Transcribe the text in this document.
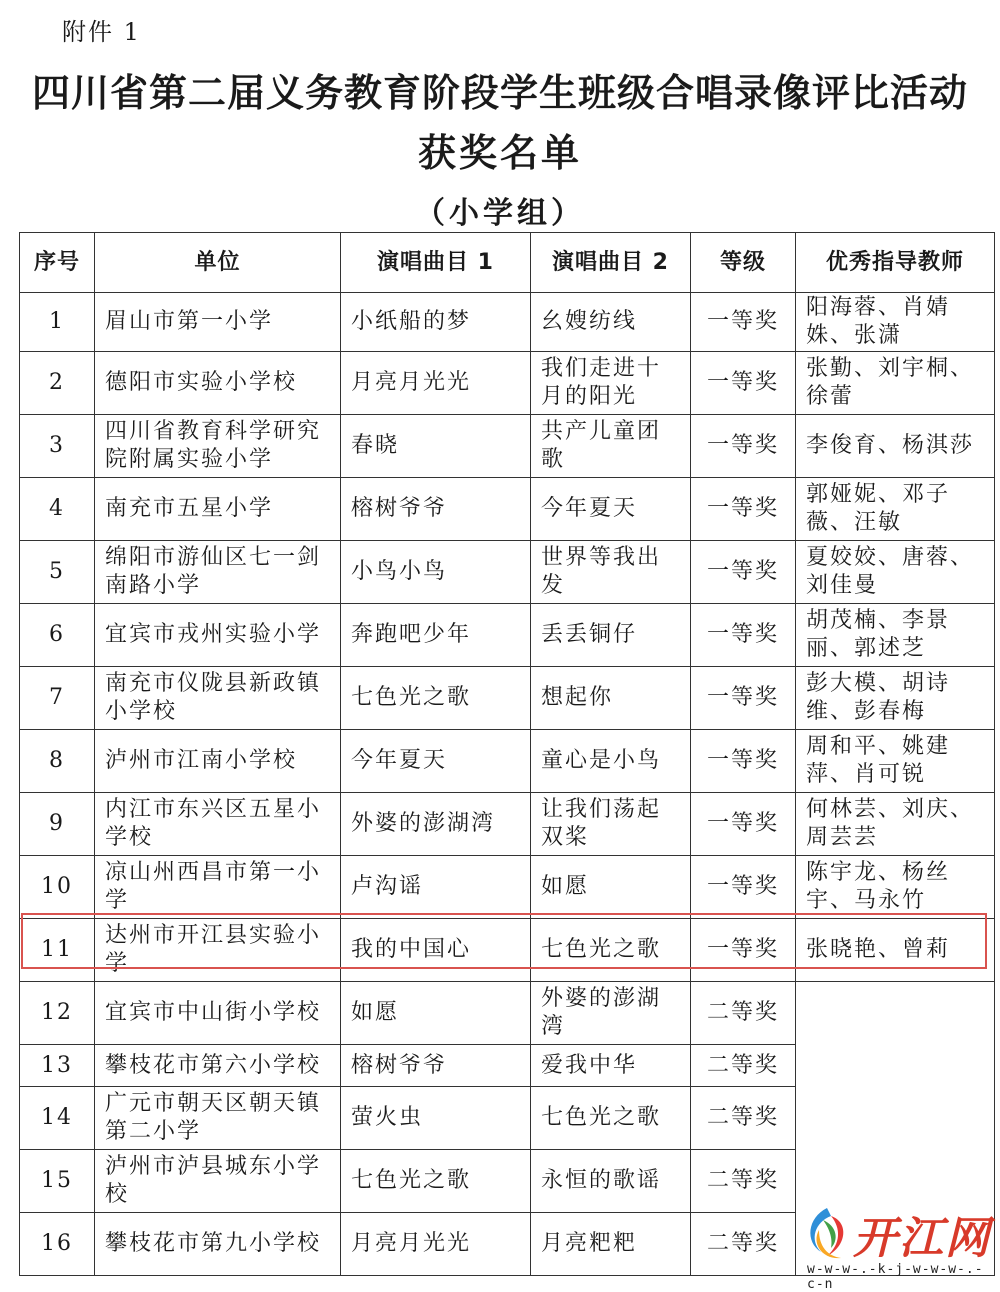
附件 1
四川省第二届义务教育阶段学生班级合唱录像评比活动
获奖名单
（小学组）
序号	单位	演唱曲目 1	演唱曲目 2	等级	优秀指导教师
1	眉山市第一小学	小纸船的梦	幺嫂纺线	一等奖	阳海蓉、肖婧姝、张潇
2	德阳市实验小学校	月亮月光光	我们走进十月的阳光	一等奖	张勤、刘宇桐、徐蕾
3	四川省教育科学研究院附属实验小学	春晓	共产儿童团歌	一等奖	李俊育、杨淇莎
4	南充市五星小学	榕树爷爷	今年夏天	一等奖	郭娅妮、邓子薇、汪敏
5	绵阳市游仙区七一剑南路小学	小鸟小鸟	世界等我出发	一等奖	夏姣姣、唐蓉、刘佳曼
6	宜宾市戎州实验小学	奔跑吧少年	丢丢铜仔	一等奖	胡茂楠、李景丽、郭述芝
7	南充市仪陇县新政镇小学校	七色光之歌	想起你	一等奖	彭大模、胡诗维、彭春梅
8	泸州市江南小学校	今年夏天	童心是小鸟	一等奖	周和平、姚建萍、肖可锐
9	内江市东兴区五星小学校	外婆的澎湖湾	让我们荡起双桨	一等奖	何林芸、刘庆、周芸芸
10	凉山州西昌市第一小学	卢沟谣	如愿	一等奖	陈宇龙、杨丝宇、马永竹
11	达州市开江县实验小学	我的中国心	七色光之歌	一等奖	张晓艳、曾莉
12	宜宾市中山街小学校	如愿	外婆的澎湖湾	二等奖	
13	攀枝花市第六小学校	榕树爷爷	爱我中华	二等奖	
14	广元市朝天区朝天镇第二小学	萤火虫	七色光之歌	二等奖	
15	泸州市泸县城东小学校	七色光之歌	永恒的歌谣	二等奖	
16	攀枝花市第九小学校	月亮月光光	月亮粑粑	二等奖	开江网
w-w-w-.-k-j-w-w-w-.-c-n
